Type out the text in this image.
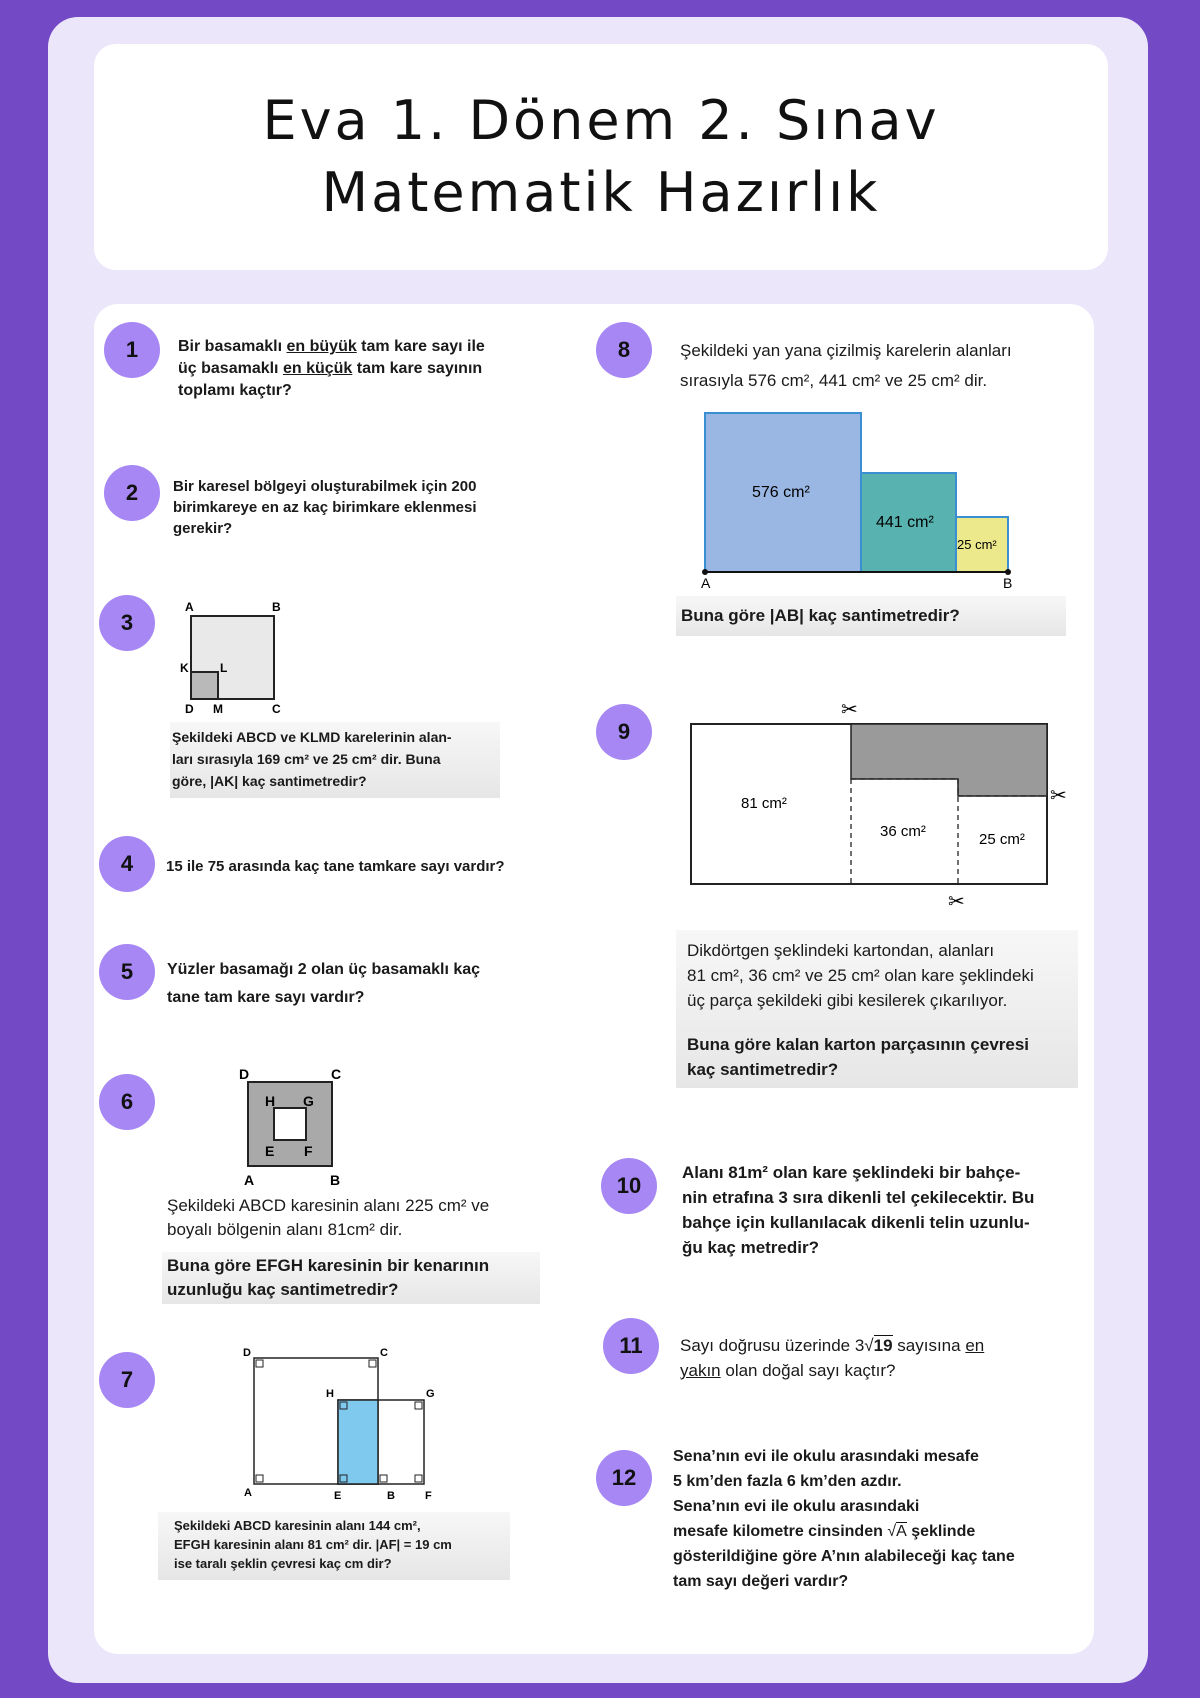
Eva 1. Dönem 2. Sınav
Matematik Hazırlık
1	Bir basamaklı en büyük tam kare sayı ile
üç basamaklı en küçük tam kare sayının
toplamı kaçtır?
2	Bir karesel bölgeyi oluşturabilmek için 200
birimkareye en az kaç birimkare eklenmesi
gerekir?
3
A	B
K	L
D M	C
Şekildeki ABCD ve KLMD karelerinin alan-
ları sırasıyla 169 cm² ve 25 cm² dir. Buna
göre, |AK| kaç santimetredir?
4	15 ile 75 arasında kaç tane tamkare sayı vardır?
5	Yüzler basamağı 2 olan üç basamaklı kaç
tane tam kare sayı vardır?
6
D	C
H G
E F
A	B
Şekildeki ABCD karesinin alanı 225 cm² ve
boyalı bölgenin alanı 81cm² dir.
Buna göre EFGH karesinin bir kenarının
uzunluğu kaç santimetredir?
7
D	C
H	G
A	E	B	F
Şekildeki ABCD karesinin alanı 144 cm²,
EFGH karesinin alanı 81 cm² dir. |AF| = 19 cm
ise taralı şeklin çevresi kaç cm dir?
8	Şekildeki yan yana çizilmiş karelerin alanları
sırasıyla 576 cm², 441 cm² ve 25 cm² dir.
576 cm²
441 cm²
25 cm²
A	B
Buna göre |AB| kaç santimetredir?
9
✂
✂
✂
81 cm²
36 cm²	25 cm²
Dikdörtgen şeklindeki kartondan, alanları
81 cm², 36 cm² ve 25 cm² olan kare şeklindeki
üç parça şekildeki gibi kesilerek çıkarılıyor.
Buna göre kalan karton parçasının çevresi
kaç santimetredir?
10
Alanı 81m² olan kare şeklindeki bir bahçe-
nin etrafına 3 sıra dikenli tel çekilecektir. Bu
bahçe için kullanılacak dikenli telin uzunlu-
ğu kaç metredir?
11	Sayı doğrusu üzerinde 3√19 sayısına en
yakın olan doğal sayı kaçtır?
12
Sena’nın evi ile okulu arasındaki mesafe
5 km’den fazla 6 km’den azdır.
Sena’nın evi ile okulu arasındaki
mesafe kilometre cinsinden √A şeklinde
gösterildiğine göre A’nın alabileceği kaç tane
tam sayı değeri vardır?
